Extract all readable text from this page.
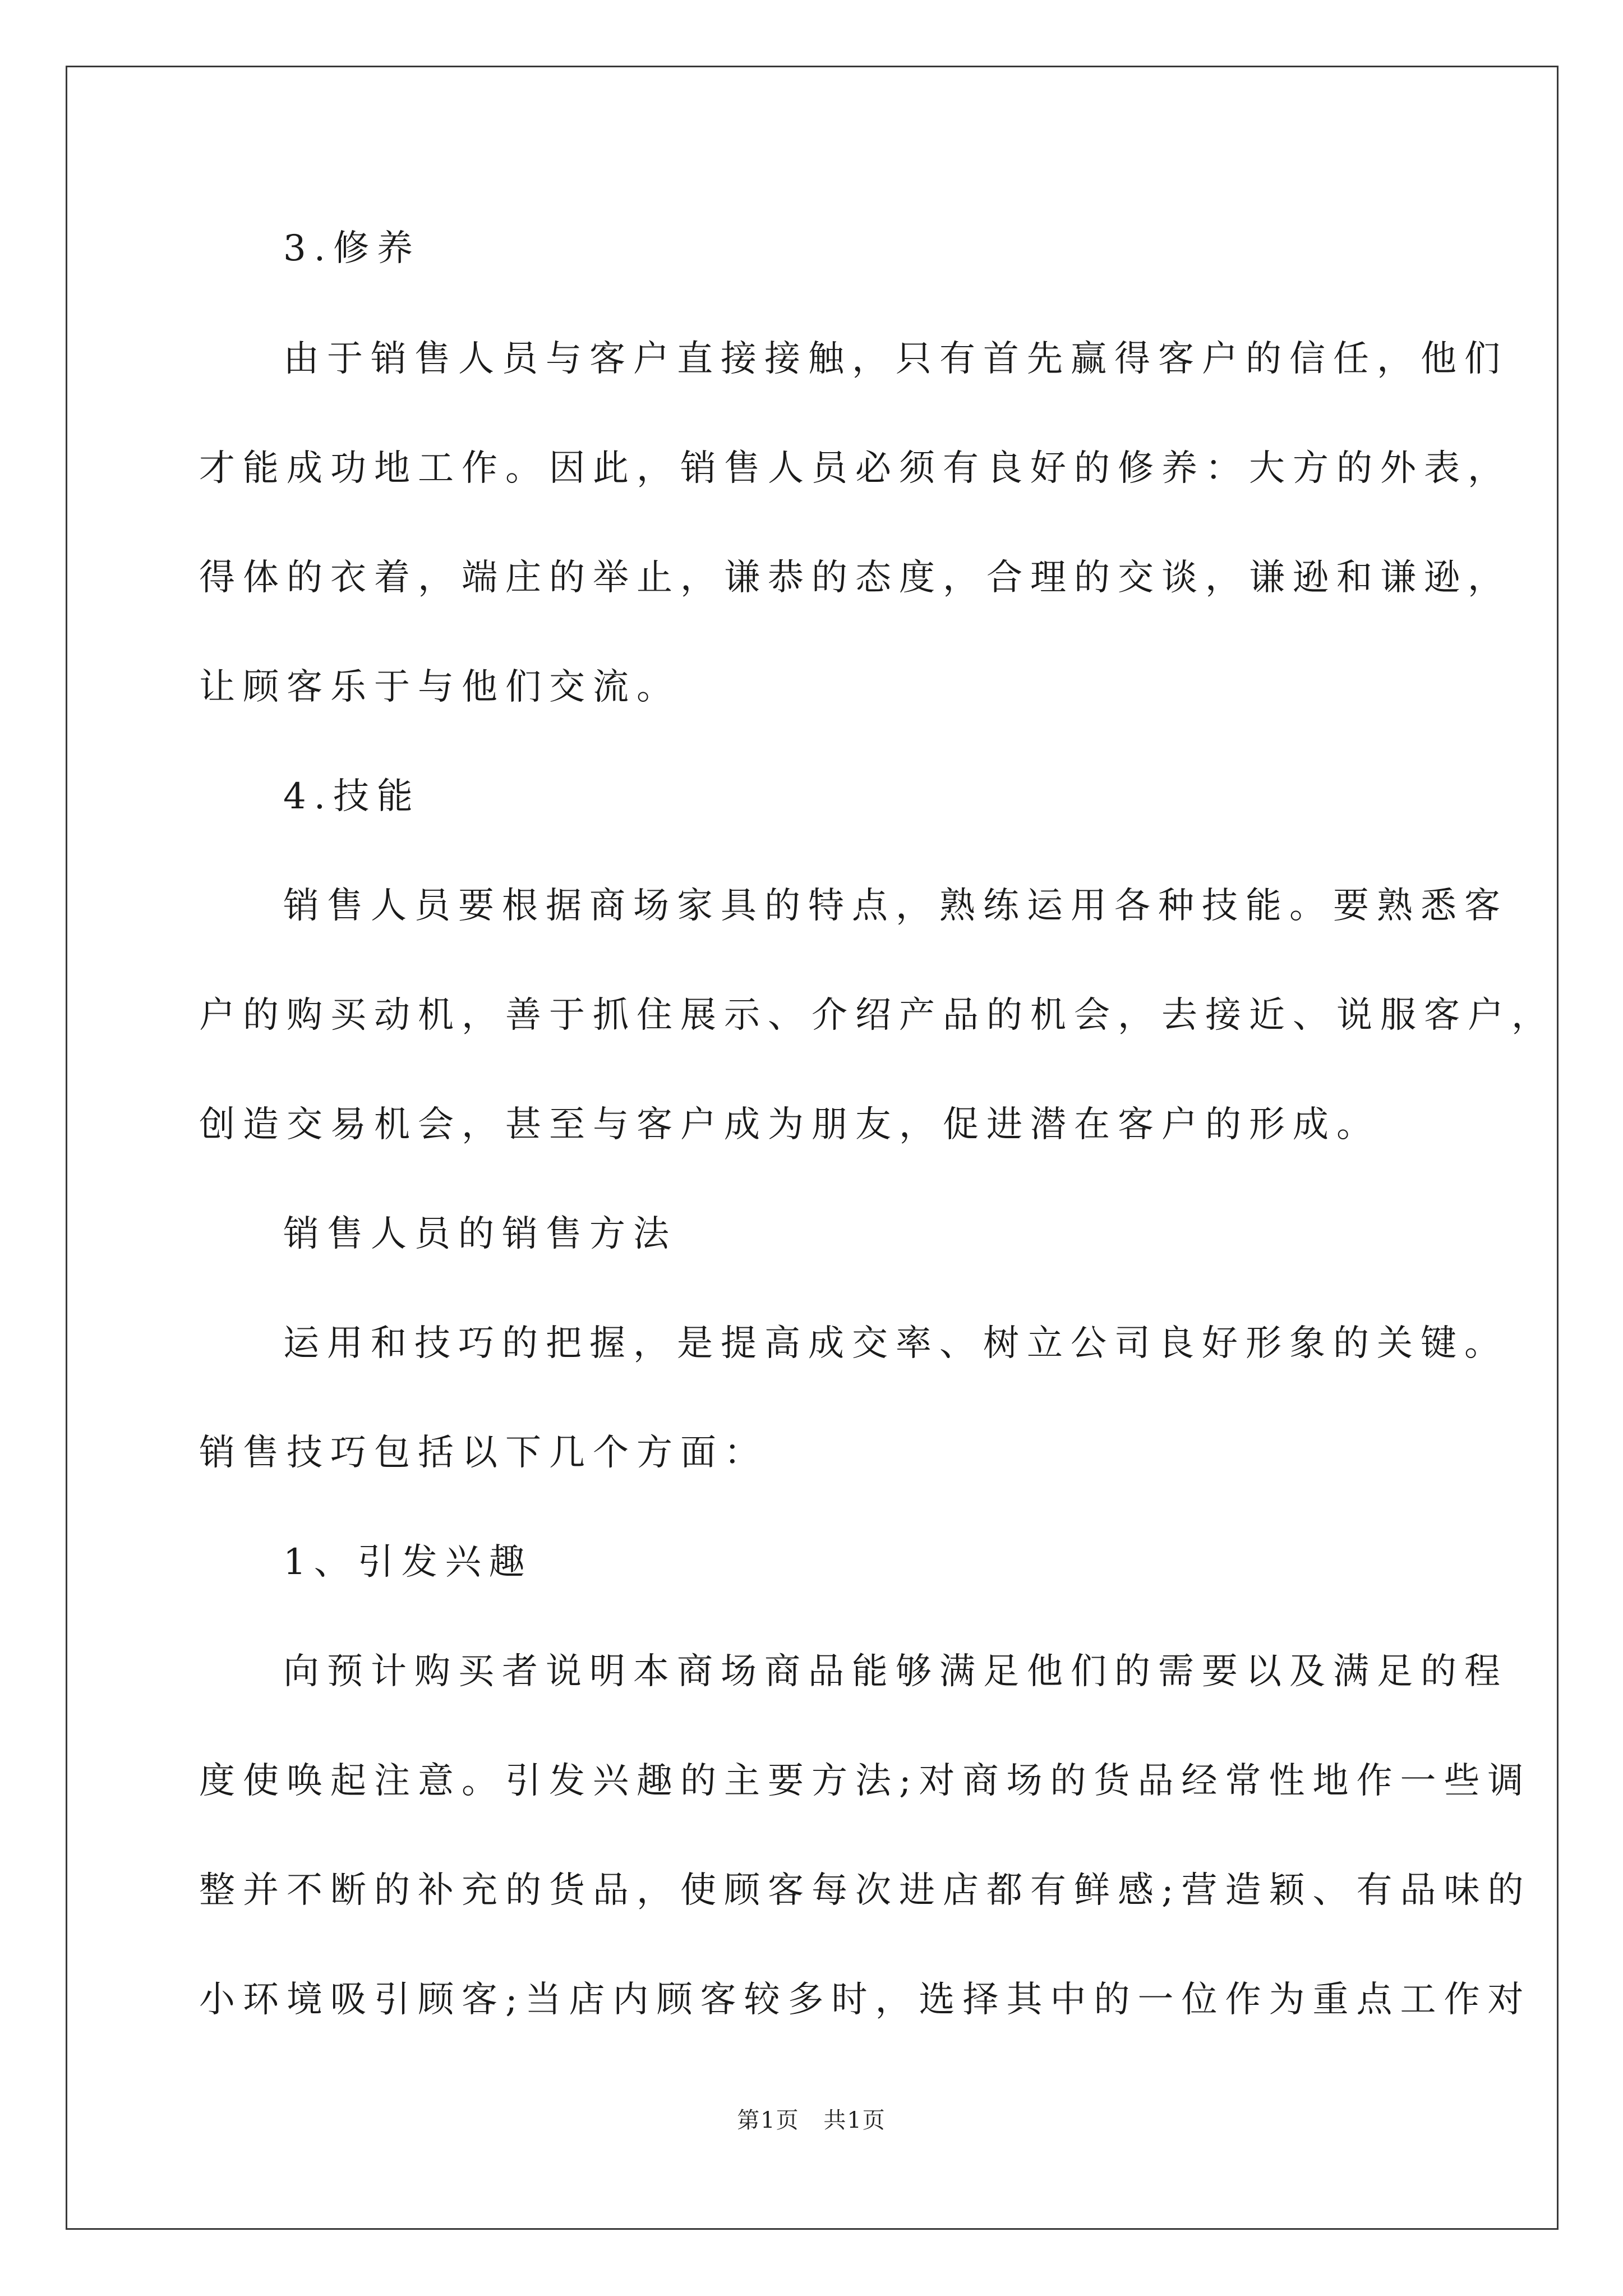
3.修养
由于销售人员与客户直接接触，只有首先赢得客户的信任，他们
才能成功地工作。因此，销售人员必须有良好的修养：大方的外表，
得体的衣着，端庄的举止，谦恭的态度，合理的交谈，谦逊和谦逊，
让顾客乐于与他们交流。
4.技能
销售人员要根据商场家具的特点，熟练运用各种技能。要熟悉客
户的购买动机，善于抓住展示、介绍产品的机会，去接近、说服客户，
创造交易机会，甚至与客户成为朋友，促进潜在客户的形成。
销售人员的销售方法
运用和技巧的把握，是提高成交率、树立公司良好形象的关键。
销售技巧包括以下几个方面：
1、引发兴趣
向预计购买者说明本商场商品能够满足他们的需要以及满足的程
度使唤起注意。引发兴趣的主要方法;对商场的货品经常性地作一些调
整并不断的补充的货品，使顾客每次进店都有鲜感;营造颖、有品味的
小环境吸引顾客;当店内顾客较多时，选择其中的一位作为重点工作对
第1页 共1页
